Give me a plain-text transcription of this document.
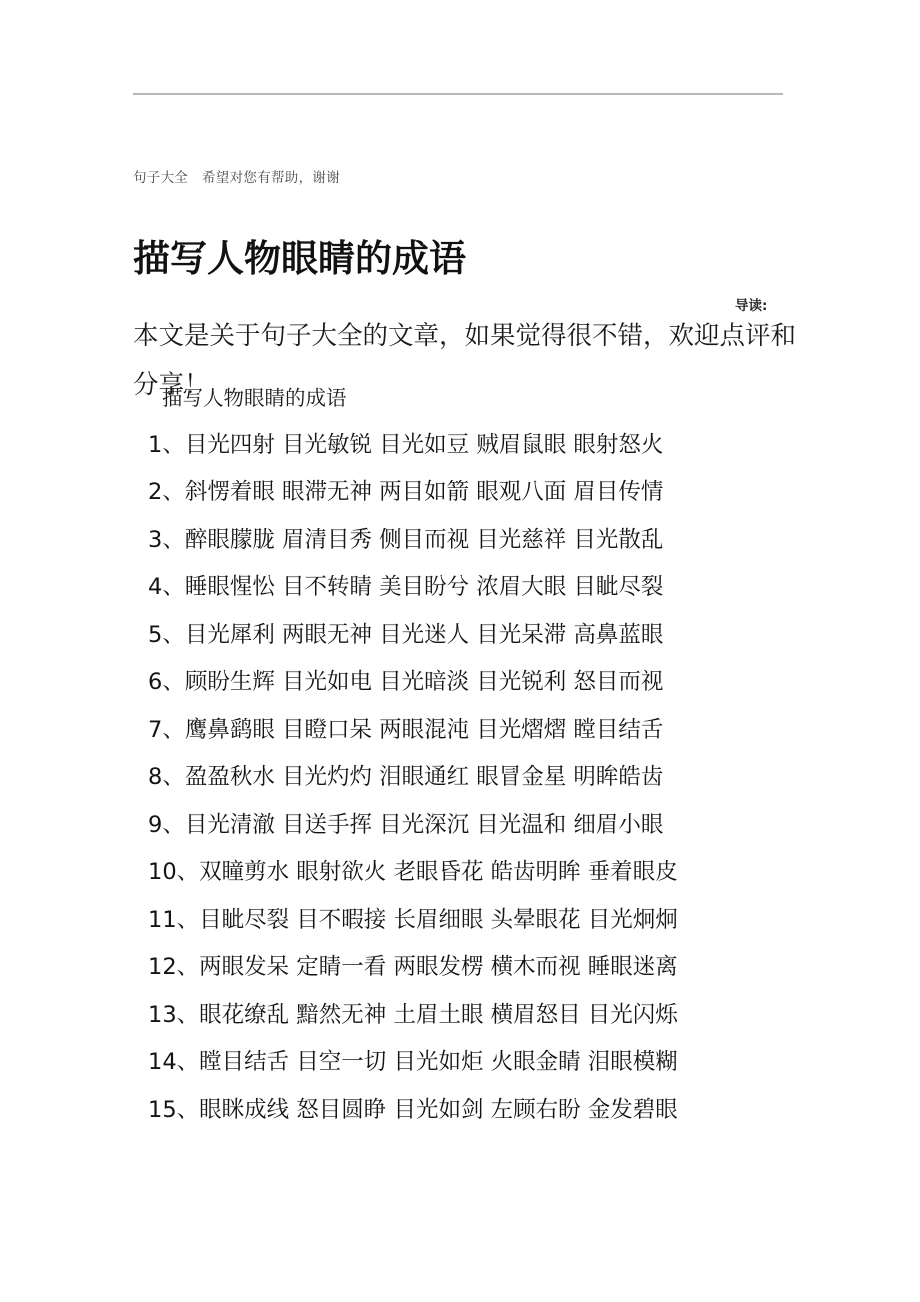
句子大全　希望对您有帮助，谢谢
描写人物眼睛的成语

本文是关于句子大全的文章，如果觉得很不错，欢迎点评和分享！

导读:

描写人物眼睛的成语

1、目光四射 目光敏锐 目光如豆 贼眉鼠眼 眼射怒火
2、斜愣着眼 眼滞无神 两目如箭 眼观八面 眉目传情
3、醉眼朦胧 眉清目秀 侧目而视 目光慈祥 目光散乱
4、睡眼惺忪 目不转睛 美目盼兮 浓眉大眼 目眦尽裂
5、目光犀利 两眼无神 目光迷人 目光呆滞 高鼻蓝眼
6、顾盼生辉 目光如电 目光暗淡 目光锐利 怒目而视
7、鹰鼻鹞眼 目瞪口呆 两眼混沌 目光熠熠 瞠目结舌
8、盈盈秋水 目光灼灼 泪眼通红 眼冒金星 明眸皓齿
9、目光清澈 目送手挥 目光深沉 目光温和 细眉小眼
10、双瞳剪水 眼射欲火 老眼昏花 皓齿明眸 垂着眼皮
11、目眦尽裂 目不暇接 长眉细眼 头晕眼花 目光炯炯
12、两眼发呆 定睛一看 两眼发楞 横木而视 睡眼迷离
13、眼花缭乱 黯然无神 土眉土眼 横眉怒目 目光闪烁
14、瞠目结舌 目空一切 目光如炬 火眼金睛 泪眼模糊
15、眼眯成线 怒目圆睁 目光如剑 左顾右盼 金发碧眼
